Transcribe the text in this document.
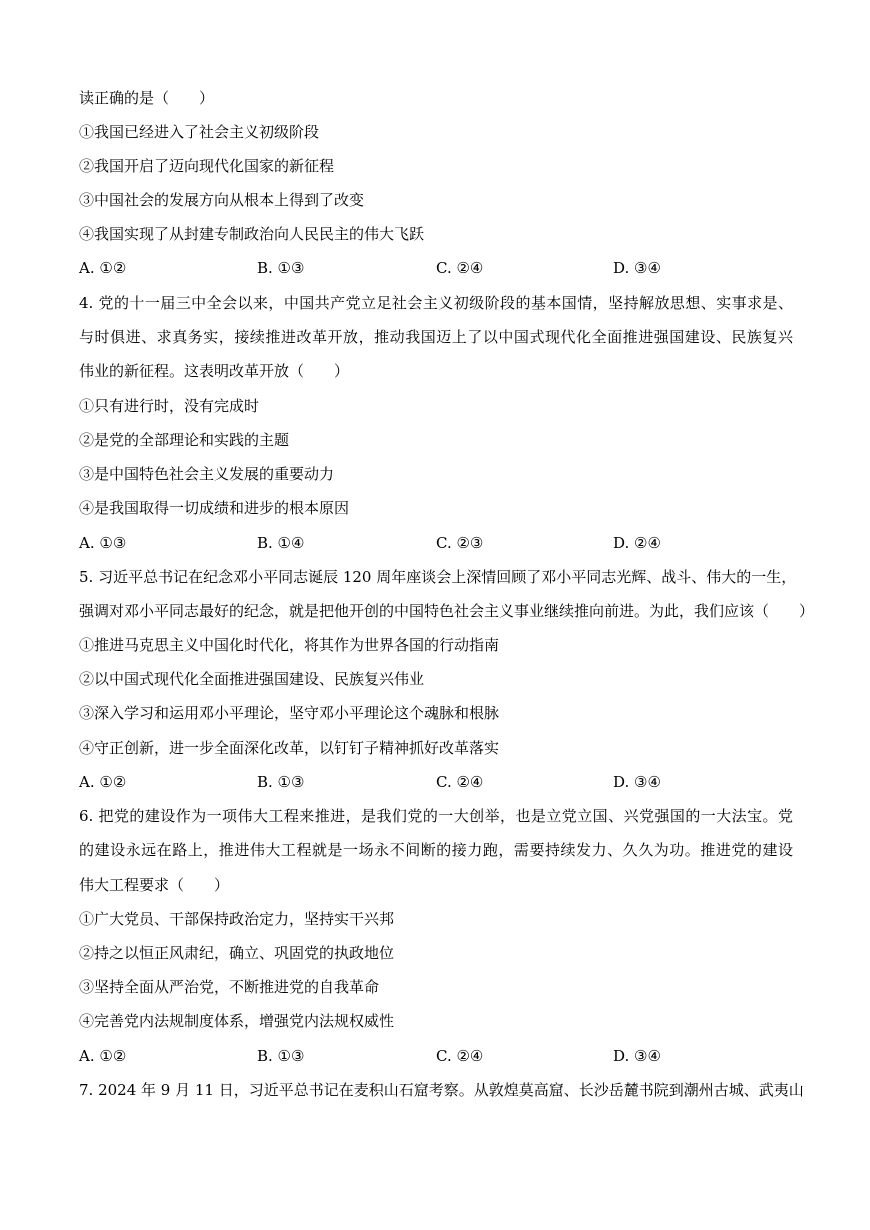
读正确的是（　　）
①我国已经进入了社会主义初级阶段
②我国开启了迈向现代化国家的新征程
③中国社会的发展方向从根本上得到了改变
④我国实现了从封建专制政治向人民民主的伟大飞跃
A. ①②	B. ①③	C. ②④	D. ③④
4. 党的十一届三中全会以来，中国共产党立足社会主义初级阶段的基本国情，坚持解放思想、实事求是、
与时俱进、求真务实，接续推进改革开放，推动我国迈上了以中国式现代化全面推进强国建设、民族复兴
伟业的新征程。这表明改革开放（　　）
①只有进行时，没有完成时
②是党的全部理论和实践的主题
③是中国特色社会主义发展的重要动力
④是我国取得一切成绩和进步的根本原因
A. ①③	B. ①④	C. ②③	D. ②④
5. 习近平总书记在纪念邓小平同志诞辰 120 周年座谈会上深情回顾了邓小平同志光辉、战斗、伟大的一生，
强调对邓小平同志最好的纪念，就是把他开创的中国特色社会主义事业继续推向前进。为此，我们应该（　　）
①推进马克思主义中国化时代化，将其作为世界各国的行动指南
②以中国式现代化全面推进强国建设、民族复兴伟业
③深入学习和运用邓小平理论，坚守邓小平理论这个魂脉和根脉
④守正创新，进一步全面深化改革，以钉钉子精神抓好改革落实
A. ①②	B. ①③	C. ②④	D. ③④
6. 把党的建设作为一项伟大工程来推进，是我们党的一大创举，也是立党立国、兴党强国的一大法宝。党
的建设永远在路上，推进伟大工程就是一场永不间断的接力跑，需要持续发力、久久为功。推进党的建设
伟大工程要求（　　）
①广大党员、干部保持政治定力，坚持实干兴邦
②持之以恒正风肃纪，确立、巩固党的执政地位
③坚持全面从严治党，不断推进党的自我革命
④完善党内法规制度体系，增强党内法规权威性
A. ①②	B. ①③	C. ②④	D. ③④
7. 2024 年 9 月 11 日，习近平总书记在麦积山石窟考察。从敦煌莫高窟、长沙岳麓书院到潮州古城、武夷山
